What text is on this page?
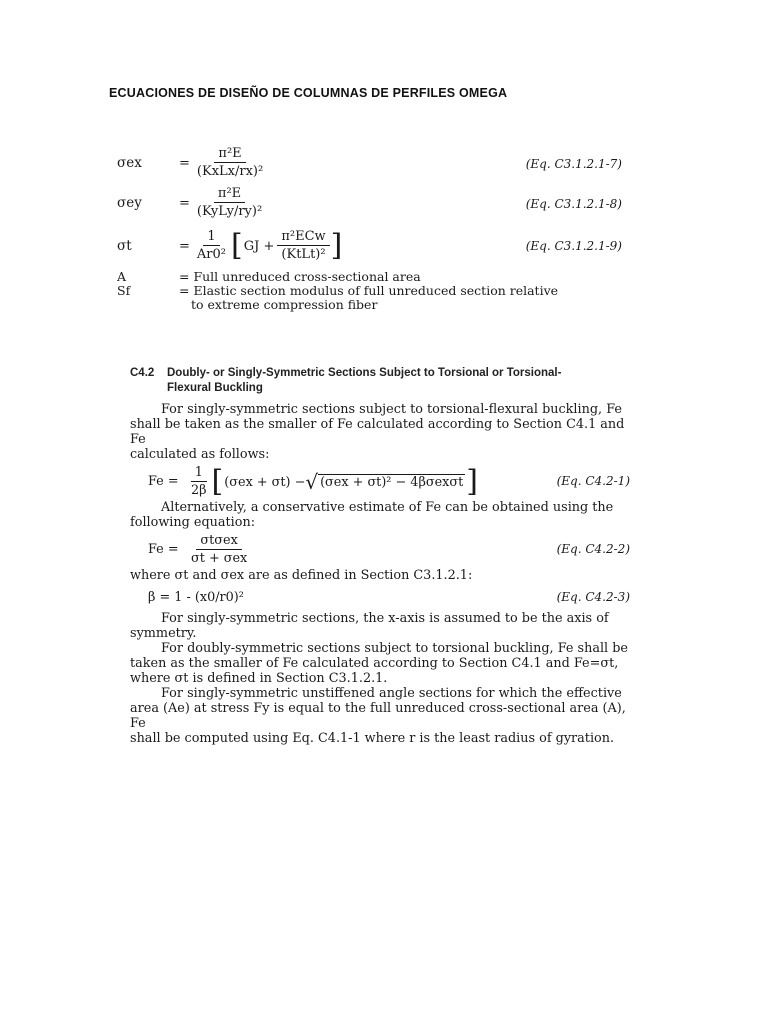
ECUACIONES DE DISEÑO DE COLUMNAS DE PERFILES OMEGA
σex	= $\frac{\text{π²E}}{\text{(KxLx/rx)²}}$	(Eq. C3.1.2.1-7)
σey	= $\frac{\text{π²E}}{\text{(KyLy/ry)²}}$	(Eq. C3.1.2.1-8)
σt	= $\frac{1}{\text{Ar0²}}$ [ GJ + $\frac{\text{π²ECw}}{\text{(KtLt)²}}$ ]	(Eq. C3.1.2.1-9)
A	= Full unreduced cross-sectional area
Sf	= Elastic section modulus of full unreduced section relative
to extreme compression fiber
C4.2 Doubly- or Singly-Symmetric Sections Subject to Torsional or Torsional-
Flexural Buckling

For singly-symmetric sections subject to torsional-flexural buckling, Fe

shall be taken as the smaller of Fe calculated according to Section C4.1 and Fe

calculated as follows:

$Fe = \frac{1}{2\beta}$ [ (σex + σt) − √ (σex + σt)² − 4βσexσt ]	(Eq. C4.2-1)

Alternatively, a conservative estimate of Fe can be obtained using the

following equation:

$Fe = \frac{\text{σtσex}}{\text{σt + σex}}$	(Eq. C4.2-2)

where σt and σex are as defined in Section C3.1.2.1:

β = 1 - (x0/r0)²	(Eq. C4.2-3)

For singly-symmetric sections, the x-axis is assumed to be the axis of

symmetry.

For doubly-symmetric sections subject to torsional buckling, Fe shall be

taken as the smaller of Fe calculated according to Section C4.1 and Fe=σt,

where σt is defined in Section C3.1.2.1.

For singly-symmetric unstiffened angle sections for which the effective

area (Ae) at stress Fy is equal to the full unreduced cross-sectional area (A), Fe

shall be computed using Eq. C4.1-1 where r is the least radius of gyration.
